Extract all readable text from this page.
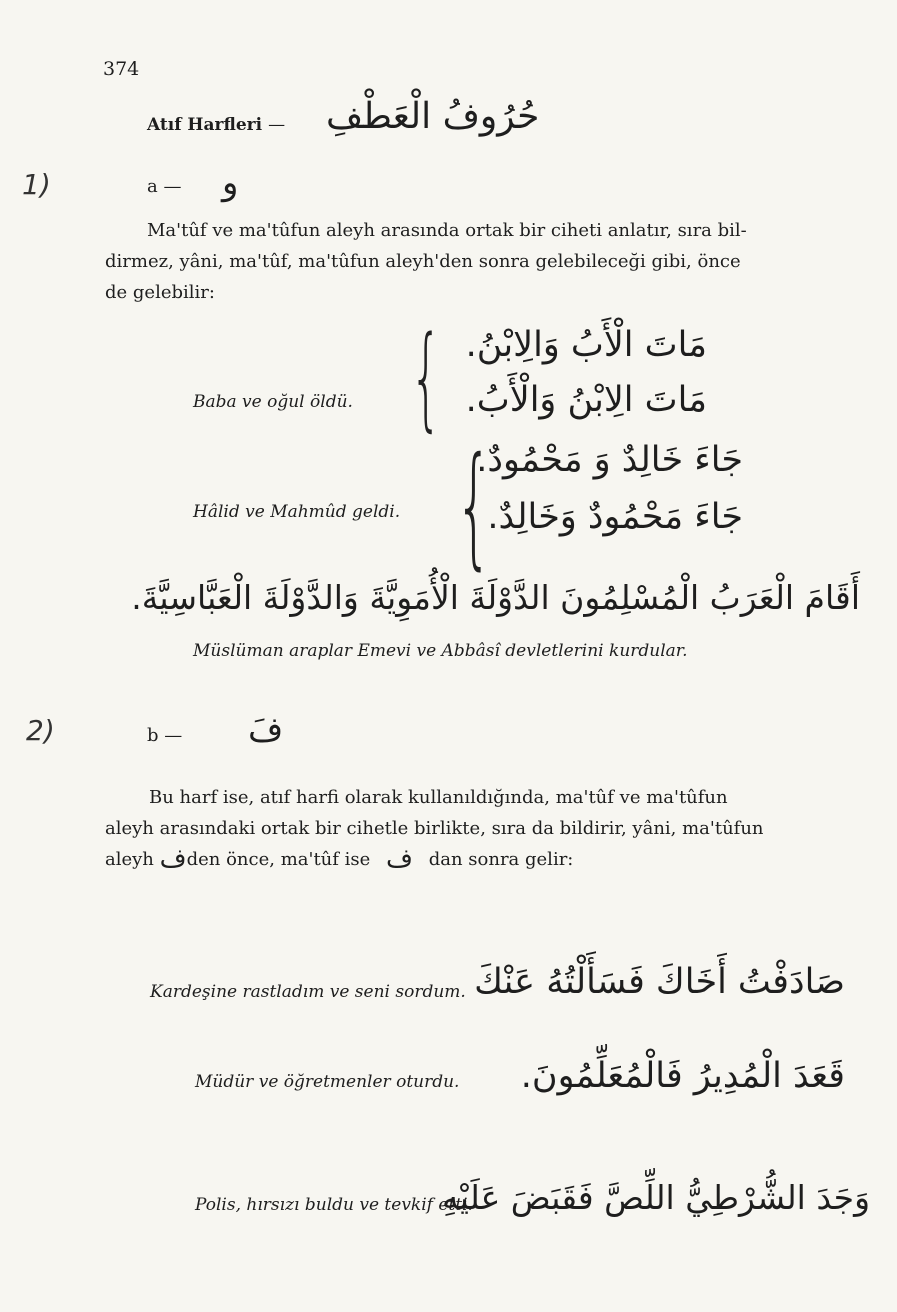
374
Atıf Harfleri — حُرُوفُ الْعَطْفِ
1)
2)
a — و
Ma'tûf ve ma'tûfun aleyh arasında ortak bir ciheti anlatır, sıra bil-
dirmez, yâni, ma'tûf, ma'tûfun aleyh'den sonra gelebileceği gibi, önce
de gelebilir:
Baba ve oğul öldü. { مَاتَ الْأَبُ وَالِابْنُ.
مَاتَ الِابْنُ وَالْأَبُ.
Hâlid ve Mahmûd geldi. {
جَاءَ خَالِدٌ وَ مَحْمُودٌ.
جَاءَ مَحْمُودٌ وَخَالِدٌ.
أَقَامَ الْعَرَبُ الْمُسْلِمُونَ الدَّوْلَةَ الْأُمَوِيَّةَ وَالدَّوْلَةَ الْعَبَّاسِيَّةَ.
Müslüman araplar Emevi ve Abbâsî devletlerini kurdular.
b — فَ
Bu harf ise, atıf harfi olarak kullanıldığında, ma'tûf ve ma'tûfun
aleyh arasındaki ortak bir cihetle birlikte, sıra da bildirir, yâni, ma'tûfun
aleyh فden önce, ma'tûf ise ف dan sonra gelir:
Kardeşine rastladım ve seni sordum. صَادَفْتُ أَخَاكَ فَسَأَلْتُهُ عَنْكَ
Müdür ve öğretmenler oturdu. قَعَدَ الْمُدِيرُ فَالْمُعَلِّمُونَ.
Polis, hırsızı buldu ve tevkif etti.
وَجَدَ الشُّرْطِيُّ اللِّصَّ فَقَبَضَ عَلَيْهِ
